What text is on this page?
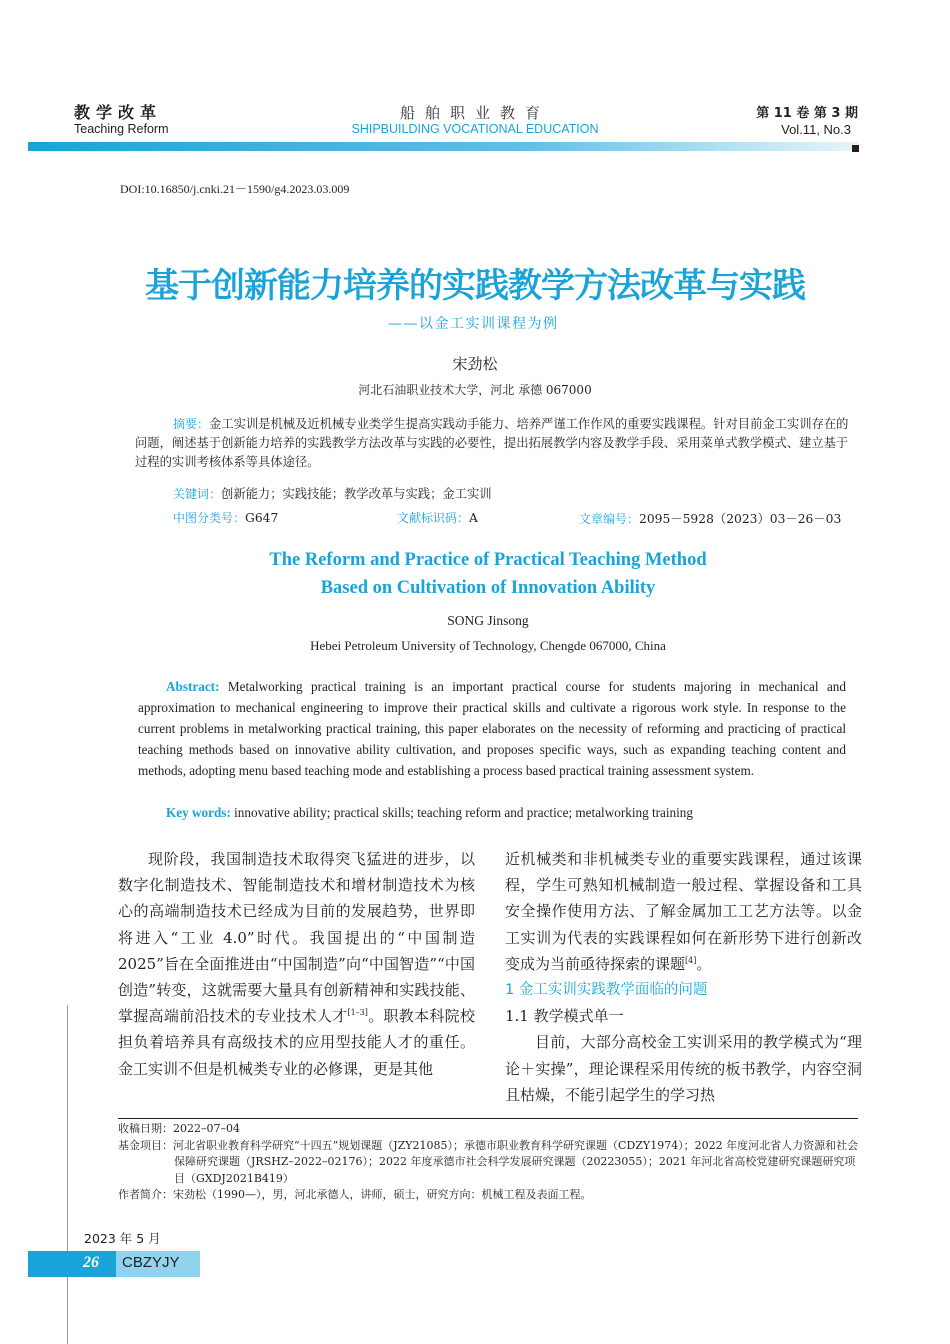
教学改革
Teaching Reform
船舶职业教育
SHIPBUILDING VOCATIONAL EDUCATION
第 11 卷 第 3 期
Vol.11, No.3
DOI:10.16850/j.cnki.21－1590/g4.2023.03.009
基于创新能力培养的实践教学方法改革与实践
——以金工实训课程为例
宋劲松
河北石油职业技术大学，河北 承德 067000
摘要：金工实训是机械及近机械专业类学生提高实践动手能力、培养严谨工作作风的重要实践课程。针对目前金工实训存在的问题，阐述基于创新能力培养的实践教学方法改革与实践的必要性，提出拓展教学内容及教学手段、采用菜单式教学模式、建立基于过程的实训考核体系等具体途径。
关键词：创新能力；实践技能；教学改革与实践；金工实训
中图分类号：G647	文献标识码：A	文章编号：2095－5928（2023）03－26－03
The Reform and Practice of Practical Teaching Method
Based on Cultivation of Innovation Ability
SONG Jinsong
Hebei Petroleum University of Technology, Chengde 067000, China
Abstract: Metalworking practical training is an important practical course for students majoring in mechanical and approximation to mechanical engineering to improve their practical skills and cultivate a rigorous work style. In response to the current problems in metalworking practical training, this paper elaborates on the necessity of reforming and practicing of practical teaching methods based on innovative ability cultivation, and proposes specific ways, such as expanding teaching content and methods, adopting menu based teaching mode and establishing a process based practical training assessment system.
Key words: innovative ability; practical skills; teaching reform and practice; metalworking training

现阶段，我国制造技术取得突飞猛进的进步，以数字化制造技术、智能制造技术和增材制造技术为核心的高端制造技术已经成为目前的发展趋势，世界即将进入“工业 4.0”时代。我国提出的“中国制造 2025”旨在全面推进由“中国制造”向“中国智造”“中国创造”转变，这就需要大量具有创新精神和实践技能、掌握高端前沿技术的专业技术人才[1–3]。职教本科院校担负着培养具有高级技术的应用型技能人才的重任。金工实训不但是机械类专业的必修课，更是其他

近机械类和非机械类专业的重要实践课程，通过该课程，学生可熟知机械制造一般过程、掌握设备和工具安全操作使用方法、了解金属加工工艺方法等。以金工实训为代表的实践课程如何在新形势下进行创新改变成为当前亟待探索的课题[4]。

1 金工实训实践教学面临的问题

1.1 教学模式单一

目前，大部分高校金工实训采用的教学模式为“理论＋实操”，理论课程采用传统的板书教学，内容空洞且枯燥，不能引起学生的学习热

收稿日期：2022–07–04

基金项目：河北省职业教育科学研究“十四五”规划课题（JZY21085）；承德市职业教育科学研究课题（CDZY1974）；2022 年度河北省人力资源和社会保障研究课题（JRSHZ–2022–02176）；2022 年度承德市社会科学发展研究课题（20223055）；2021 年河北省高校党建研究课题研究项目（GXDJ2021B419）

作者简介：宋劲松（1990—），男，河北承德人，讲师，硕士，研究方向：机械工程及表面工程。

2023 年 5 月
26 CBZYJY
